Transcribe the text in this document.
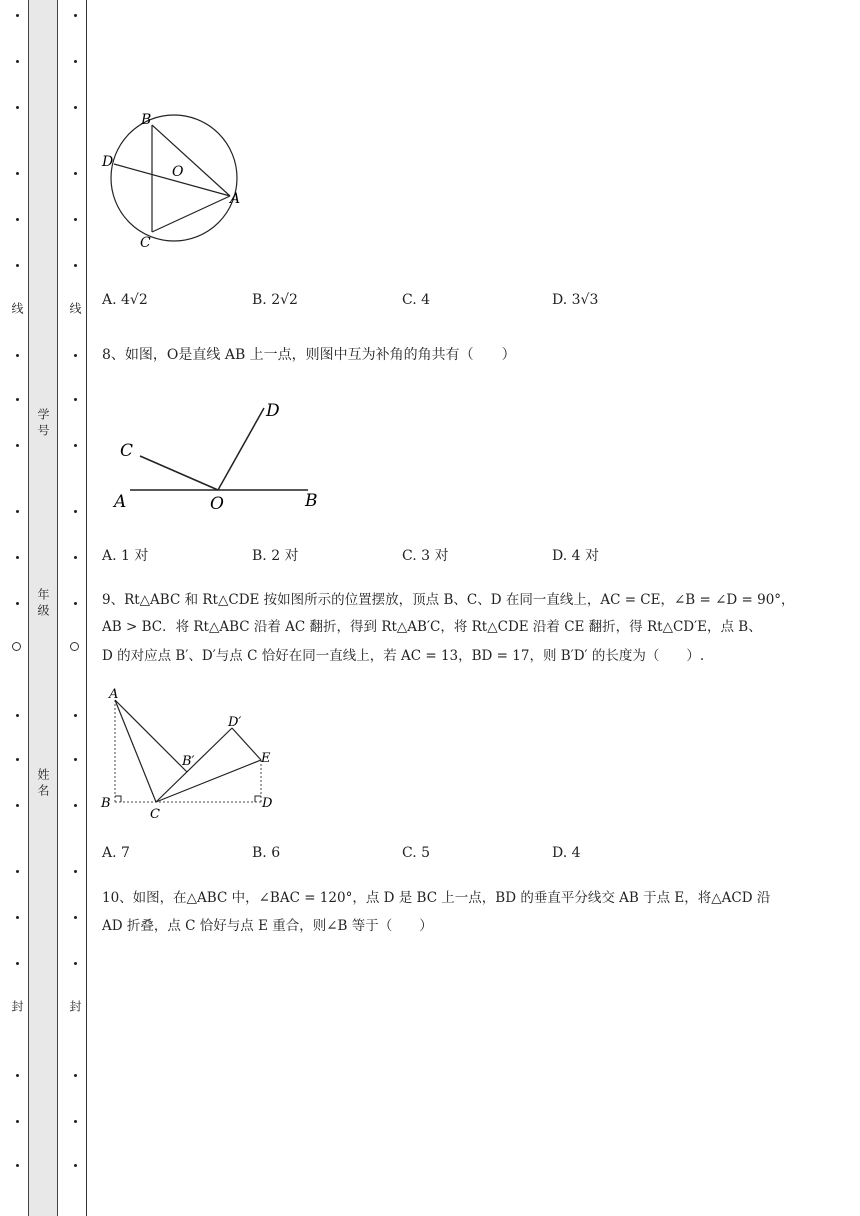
线
封
线
封
学 号
年 级
姓 名
B
D
O
A
C
A. 4√2	B. 2√2	C. 4	D. 3√3
8、如图，O是直线 AB 上一点，则图中互为补角的角共有（　　）
C
A	O
D
B
A. 1 对	B. 2 对	C. 3 对	D. 4 对
9、Rt△ABC 和 Rt△CDE 按如图所示的位置摆放，顶点 B、C、D 在同一直线上，AC = CE，∠B = ∠D = 90°，
AB > BC．将 Rt△ABC 沿着 AC 翻折，得到 Rt△AB′C，将 Rt△CDE 沿着 CE 翻折，得 Rt△CD′E，点 B、
D 的对应点 B′、D′与点 C 恰好在同一直线上，若 AC = 13，BD = 17，则 B′D′ 的长度为（　　）.
A
B′
D′
E
B
C
D
A. 7	B. 6	C. 5	D. 4
10、如图，在△ABC 中，∠BAC = 120°，点 D 是 BC 上一点，BD 的垂直平分线交 AB 于点 E，将△ACD 沿
AD 折叠，点 C 恰好与点 E 重合，则∠B 等于（　　）
